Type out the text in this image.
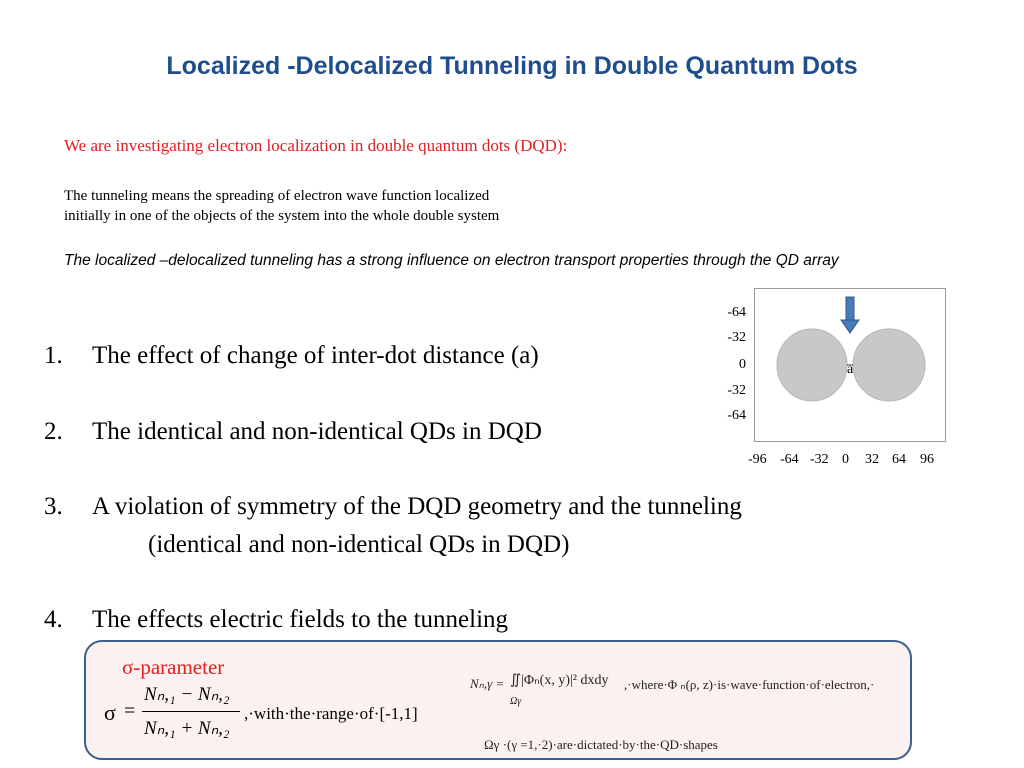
Localized -Delocalized Tunneling in Double Quantum Dots
We are investigating electron localization in double quantum dots (DQD):
The tunneling means the spreading of electron wave function localized
initially in one of the objects of the system into the whole double system
The localized –delocalized tunneling has a strong influence on electron transport properties through the QD array
1. The effect of change of inter-dot distance (a)
2. The identical and non-identical QDs in DQD
3. A violation of symmetry of the DQD geometry and the tunneling
(identical and non-identical QDs in DQD)
4. The effects electric fields to the tunneling
-64
-32
0
-32
-64
a
-96 -64 -32 0 32 64 96
σ-parameter
σ =
Nₙ,₁ − Nₙ,₂
Nₙ,₁ + Nₙ,₂
,·with·the·range·of·[-1,1]
Nₙ,γ = ∬|Φₙ(x, y)|² dxdy
Ωγ
,·where·Φ ₙ(ρ, z)·is·wave·function·of·electron,·
Ωγ ·(γ =1,·2)·are·dictated·by·the·QD·shapes
